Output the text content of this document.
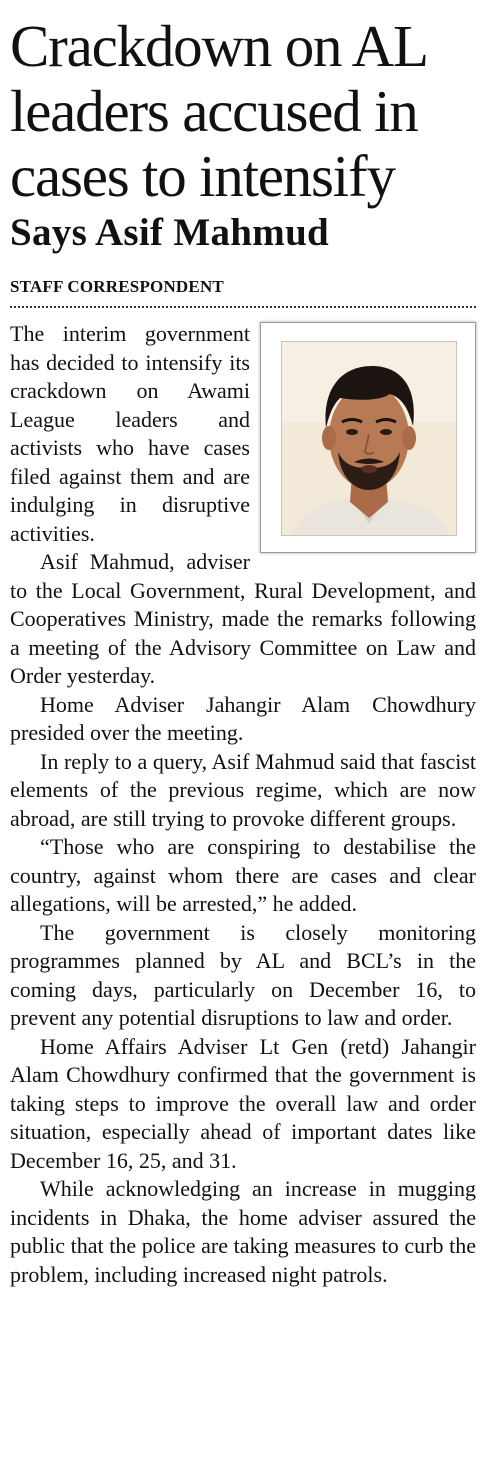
Crackdown on AL leaders accused in cases to intensify
Says Asif Mahmud
STAFF CORRESPONDENT

The interim government has decided to intensify its crackdown on Awami League leaders and activists who have cases filed against them and are indulging in disruptive activities.

Asif Mahmud, adviser to the Local Government, Rural Development, and Cooperatives Ministry, made the remarks following a meeting of the Advisory Committee on Law and Order yesterday.

Home Adviser Jahangir Alam Chowdhury presided over the meeting.

In reply to a query, Asif Mahmud said that fascist elements of the previous regime, which are now abroad, are still trying to provoke different groups.

“Those who are conspiring to destabilise the country, against whom there are cases and clear allegations, will be arrested,” he added.

The government is closely monitoring programmes planned by AL and BCL’s in the coming days, particularly on December 16, to prevent any potential disruptions to law and order.

Home Affairs Adviser Lt Gen (retd) Jahangir Alam Chowdhury confirmed that the government is taking steps to improve the overall law and order situation, especially ahead of important dates like December 16, 25, and 31.

While acknowledging an increase in mugging incidents in Dhaka, the home adviser assured the public that the police are taking measures to curb the problem, including increased night patrols.
